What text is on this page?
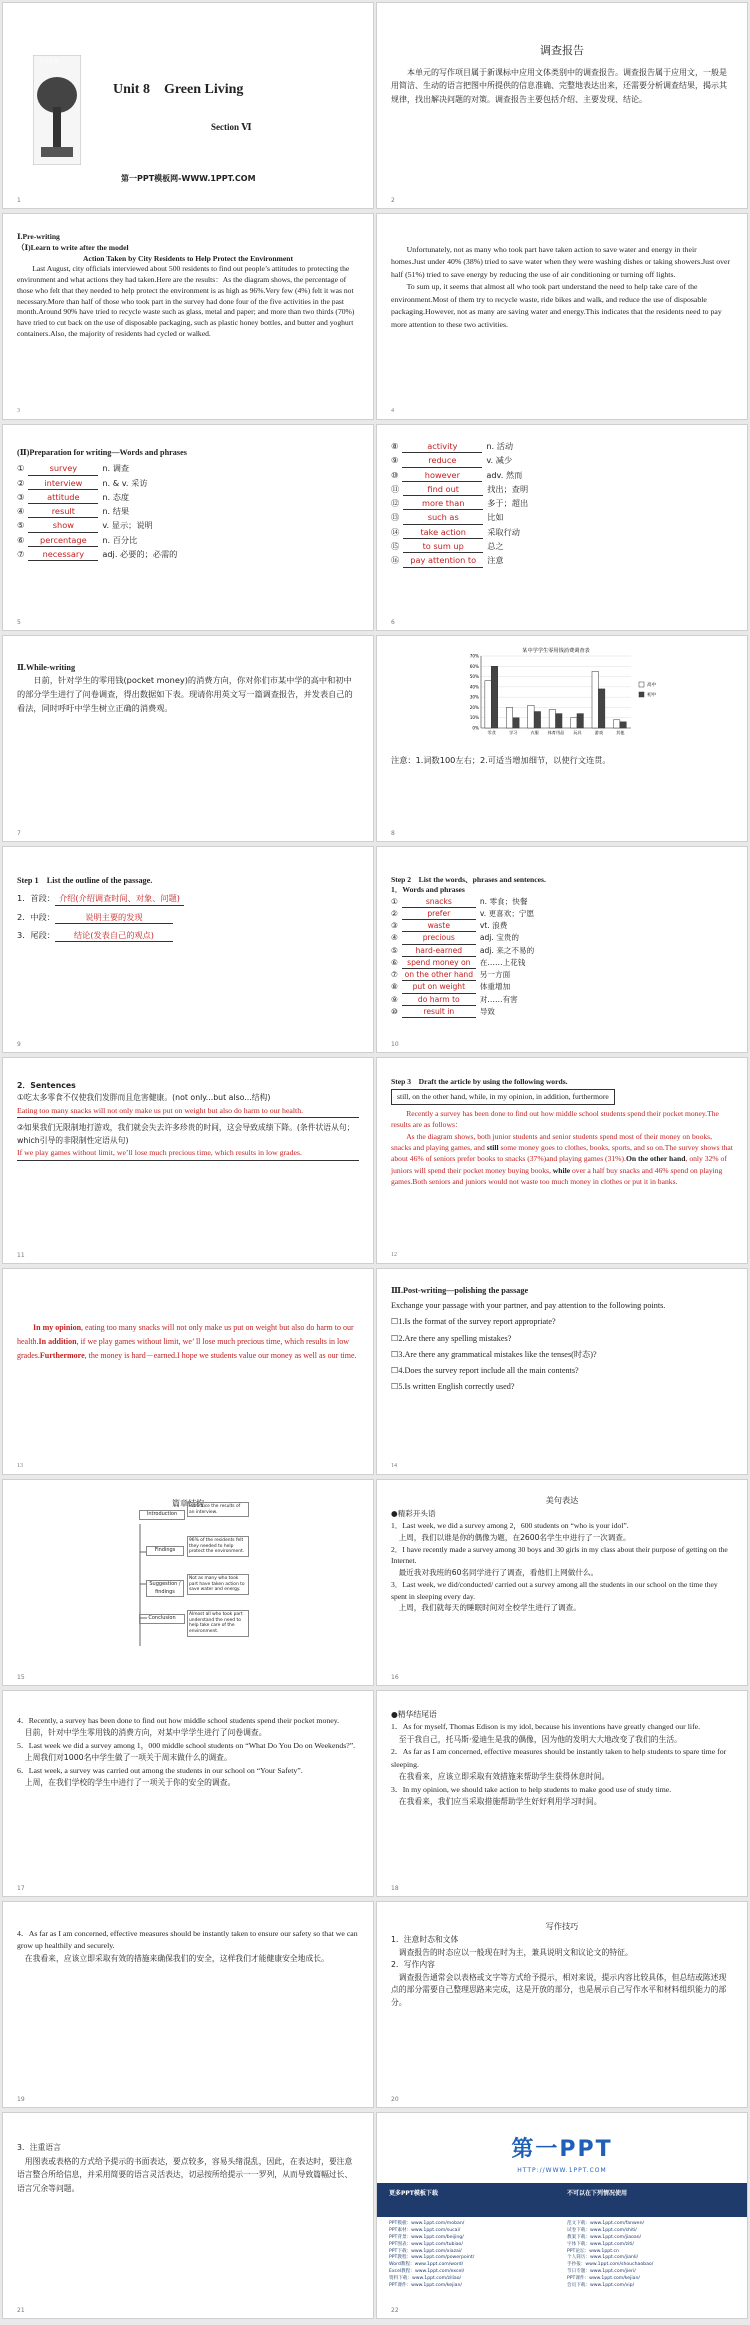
人与自然
Unit 8　Green Living
Section Ⅵ
第一PPT模板网-WWW.1PPT.COM
1
调查报告
本单元的写作项目属于新课标中应用文体类别中的调查报告。调查报告属于应用文，一般是用简洁、生动的语言把图中所提供的信息准确、完整地表达出来，还需要分析调查结果，揭示其规律，找出解决问题的对策。调查报告主要包括介绍、主要发现、结论。
2
Ⅰ.Pre-writing
（Ⅰ)Learn to write after the model
Action Taken by City Residents to Help Protect the Environment
Last August, city officials interviewed about 500 residents to find out people’s attitudes to protecting the environment and what actions they had taken.Here are the results：As the diagram shows, the percentage of those who felt that they needed to help protect the environment is as high as 96%.Very few (4%) felt it was not necessary.More than half of those who took part in the survey had done four of the five activities in the past month.Around 90% have tried to recycle waste such as glass, metal and paper; and more than two thirds (70%) have tried to cut back on the use of disposable packaging, such as plastic honey bottles, and butter and yoghurt containers.Also, the majority of residents had cycled or walked.
3
Unfortunately, not as many who took part have taken action to save water and energy in their homes.Just under 40% (38%) tried to save water when they were washing dishes or taking showers.Just over half (51%) tried to save energy by reducing the use of air conditioning or turning off lights.
To sum up, it seems that almost all who took part understand the need to help take care of the environment.Most of them try to recycle waste, ride bikes and walk, and reduce the use of disposable packaging.However, not as many are saving water and energy.This indicates that the residents need to pay more attention to these two activities.
4
(Ⅱ)Preparation for writing—Words and phrases
①	survey	n. 调查
② interview n. & v. 采访
③	attitude	n. 态度
④	result	n. 结果
⑤	show	v. 显示；说明
⑥ percentage n. 百分比
⑦ necessary adj. 必要的；必需的
5
⑧	activity	n. 活动
⑨	reduce	v. 减少
⑩	however	adv. 然而
⑪	find out	找出；查明
⑫	more than	多于；超出
⑬	such as	比如
⑭	take action	采取行动
⑮	to sum up	总之
⑯ pay attention to 注意
6
Ⅱ.While-writing
日前，针对学生的零用钱(pocket money)的消费方向，你对你们市某中学的高中和初中的部分学生进行了问卷调查，得出数据如下表。现请你用英文写一篇调查报告，并发表自己的看法，同时呼吁中学生树立正确的消费观。
7
某中学学生零用钱消费调查表
0%
10%
20%
30%
40%
50%
60%
70%
零食	学习	衣服 体育用品 玩具	游戏	其他
高中
初中
注意：1.词数100左右；2.可适当增加细节，以使行文连贯。
8
Step 1　List the outline of the passage.
1．首段： 介绍(介绍调查时间、对象、问题)
2．中段：	说明主要的发现
3．尾段： 结论(发表自己的观点)
9
Step 2　List the words、phrases and sentences.
1．Words and phrases
①	snacks	n. 零食；快餐
②	prefer	v. 更喜欢；宁愿
③	waste	vt. 浪费
④	precious	adj. 宝贵的
⑤ hard-earned adj. 来之不易的
⑥ spend money on 在……上花钱
⑦ on the other hand 另一方面
⑧ put on weight 体重增加
⑨	do harm to	对……有害
⑩	result in	导致
10
2．Sentences
①吃太多零食不仅使我们发胖而且危害健康。(not only...but also...结构)
Eating too many snacks will not only make us put on weight but also do harm to our health.
②如果我们无限制地打游戏，我们就会失去许多珍贵的时间，这会导致成绩下降。(条件状语从句；which引导的非限制性定语从句)
If we play games without limit, we’ll lose much precious time, which results in low grades.
11
Step 3　Draft the article by using the following words.
still, on the other hand, while, in my opinion, in addition, furthermore
Recently a survey has been done to find out how middle school students spend their pocket money.The results are as follows：
As the diagram shows, both junior students and senior students spend most of their money on books, snacks and playing games, and still some money goes to clothes, books, sports, and so on.The survey shows that about 46% of seniors prefer books to snacks (37%)and playing games (31%).On the other hand, only 32% of juniors will spend their pocket money buying books, while over a half buy snacks and 46% spend on playing games.Both seniors and juniors would not waste too much money in clothes or put it in banks.
12
In my opinion, eating too many snacks will not only make us put on weight but also do harm to our health.In addition, if we play games without limit, we’ ll lose much precious time, which results in low grades.Furthermore, the money is hard－earned.I hope we students value our money as well as our time.
13
Ⅲ.Post-writing—polishing the passage
Exchange your passage with your partner, and pay attention to the following points.
☐1.Is the format of the survey report appropriate?
☐2.Are there any spelling mistakes?
☐3.Are there any grammatical mistakes like the tenses(时态)?
☐4.Does the survey report include all the main contents?
☐5.Is written English correctly used?
14
篇章结构
Introduction
Findings
Suggestion / findings
Conclusion
Introduce the results of an interview.
96% of the residents felt they needed to help protect the environment.
Not as many who took part have taken action to save water and energy.
Almost all who took part understand the need to help take care of the environment.
15
美句表达
●精彩开头语
1．Last week, we did a survey among 2，600 students on “who is your idol”.
上周，我们以谁是你的偶像为题，在2600名学生中进行了一次调查。
2．I have recently made a survey among 30 boys and 30 girls in my class about their purpose of getting on the Internet.
最近我对我班的60名同学进行了调查，看他们上网做什么。
3．Last week, we did/conducted/ carried out a survey among all the students in our school on the time they spent in sleeping every day.
上周，我们就每天的睡眠时间对全校学生进行了调查。
16
4．Recently, a survey has been done to find out how middle school students spend their pocket money.
目前，针对中学生零用钱的消费方向，对某中学学生进行了问卷调查。
5．Last week we did a survey among 1，000 middle school students on “What Do You Do on Weekends?”.
上周我们对1000名中学生做了一项关于周末做什么的调查。
6．Last week, a survey was carried out among the students in our school on “Your Safety”.
上周，在我们学校的学生中进行了一项关于你的安全的调查。
17
●精华结尾语
1．As for myself, Thomas Edison is my idol, because his inventions have greatly changed our life.
至于我自己，托马斯·爱迪生是我的偶像，因为他的发明大大地改变了我们的生活。
2．As far as I am concerned, effective measures should be instantly taken to help students to spare time for sleeping.
在我看来，应该立即采取有效措施来帮助学生获得休息时间。
3．In my opinion, we should take action to help students to make good use of study time.
在我看来，我们应当采取措施帮助学生好好利用学习时间。
18
4．As far as I am concerned, effective measures should be instantly taken to ensure our safety so that we can grow up healthily and securely.
在我看来，应该立即采取有效的措施来确保我们的安全，这样我们才能健康安全地成长。
19
写作技巧
1．注意时态和文体
调查报告的时态应以一般现在时为主，兼具说明文和议论文的特征。
2．写作内容
调查报告通常会以表格或文字等方式给予提示，相对来说，提示内容比较具体，但总结或陈述现点的部分需要自己整理思路来完成，这是开放的部分，也是展示自己写作水平和材料组织能力的部分。
20
3．注重语言
用图表或表格的方式给予提示的书面表达，要点较多，容易头绪混乱，因此，在表达时，要注意语言整合所给信息，并采用简要的语言灵活表达，切忌按所给提示一一罗列，从而导致篇幅过长、语言冗余等问题。
21
第一PPT
HTTP://WWW.1PPT.COM
更多PPT模板下载	不可以在下列情况使用
PPT模板：www.1ppt.com/moban/
PPT素材：www.1ppt.com/sucai/
PPT背景：www.1ppt.com/beijing/
PPT图表：www.1ppt.com/tubiao/
PPT下载：www.1ppt.com/xiazai/
PPT教程：www.1ppt.com/powerpoint/
Word教程：www.1ppt.com/word/
Excel教程：www.1ppt.com/excel/
资料下载：www.1ppt.com/ziliao/
PPT课件：www.1ppt.com/kejian/
范文下载：www.1ppt.com/fanwen/
试卷下载：www.1ppt.com/shiti/
教案下载：www.1ppt.com/jiaoan/
字体下载：www.1ppt.com/ziti/
PPT论坛：www.1ppt.cn
个人简历：www.1ppt.com/jianli/
手抄报：www.1ppt.com/shouchaobao/
节日专题：www.1ppt.com/jieri/
PPT课件：www.1ppt.com/kejian/
会员下载：www.1ppt.com/vip/
22
